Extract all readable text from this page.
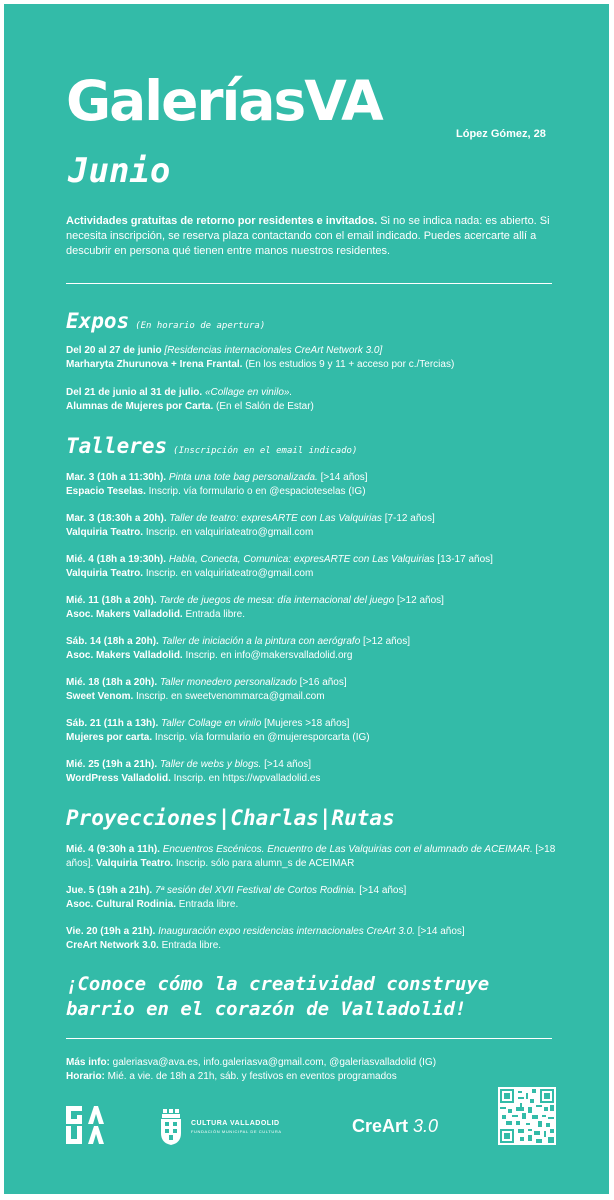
GaleríasVA
López Gómez, 28
Junio
Actividades gratuitas de retorno por residentes e invitados. Si no se indica nada: es abierto. Si necesita inscripción, se reserva plaza contactando con el email indicado. Puedes acercarte allí a descubrir en persona qué tienen entre manos nuestros residentes.
Expos (En horario de apertura)
Del 20 al 27 de junio [Residencias internacionales CreArt Network 3.0]
Marharyta Zhurunova + Irena Frantal. (En los estudios 9 y 11 + acceso por c./Tercias)
Del 21 de junio al 31 de julio. «Collage en vinilo».
Alumnas de Mujeres por Carta. (En el Salón de Estar)
Talleres (Inscripción en el email indicado)
Mar. 3 (10h a 11:30h). Pinta una tote bag personalizada. [>14 años]
Espacio Teselas. Inscrip. vía formulario o en @espacioteselas (IG)
Mar. 3 (18:30h a 20h). Taller de teatro: expresARTE con Las Valquirias [7-12 años]
Valquiria Teatro. Inscrip. en valquiriateatro@gmail.com
Mié. 4 (18h a 19:30h). Habla, Conecta, Comunica: expresARTE con Las Valquirias [13-17 años]
Valquiria Teatro. Inscrip. en valquiriateatro@gmail.com
Mié. 11 (18h a 20h). Tarde de juegos de mesa: día internacional del juego [>12 años]
Asoc. Makers Valladolid. Entrada libre.
Sáb. 14 (18h a 20h). Taller de iniciación a la pintura con aerógrafo [>12 años]
Asoc. Makers Valladolid. Inscrip. en info@makersvalladolid.org
Mié. 18 (18h a 20h). Taller monedero personalizado [>16 años]
Sweet Venom. Inscrip. en sweetvenommarca@gmail.com
Sáb. 21 (11h a 13h). Taller Collage en vinilo [Mujeres >18 años]
Mujeres por carta. Inscrip. vía formulario en @mujeresporcarta (IG)
Mié. 25 (19h a 21h). Taller de webs y blogs. [>14 años]
WordPress Valladolid. Inscrip. en https://wpvalladolid.es
Proyecciones|Charlas|Rutas
Mié. 4 (9:30h a 11h). Encuentros Escénicos. Encuentro de Las Valquirias con el alumnado de ACEIMAR. [>18 años]. Valquiria Teatro. Inscrip. sólo para alumn_s de ACEIMAR
Jue. 5 (19h a 21h). 7ª sesión del XVII Festival de Cortos Rodinia. [>14 años]
Asoc. Cultural Rodinia. Entrada libre.
Vie. 20 (19h a 21h). Inauguración expo residencias internacionales CreArt 3.0. [>14 años]
CreArt Network 3.0. Entrada libre.
¡Conoce cómo la creatividad construye barrio en el corazón de Valladolid!
Más info: galeriasva@ava.es, info.galeriasva@gmail.com, @galeriasvalladolid (IG)
Horario: Mié. a vie. de 18h a 21h, sáb. y festivos en eventos programados
CULTURA VALLADOLID
FUNDACIÓN MUNICIPAL DE CULTURA	CreArt 3.0
